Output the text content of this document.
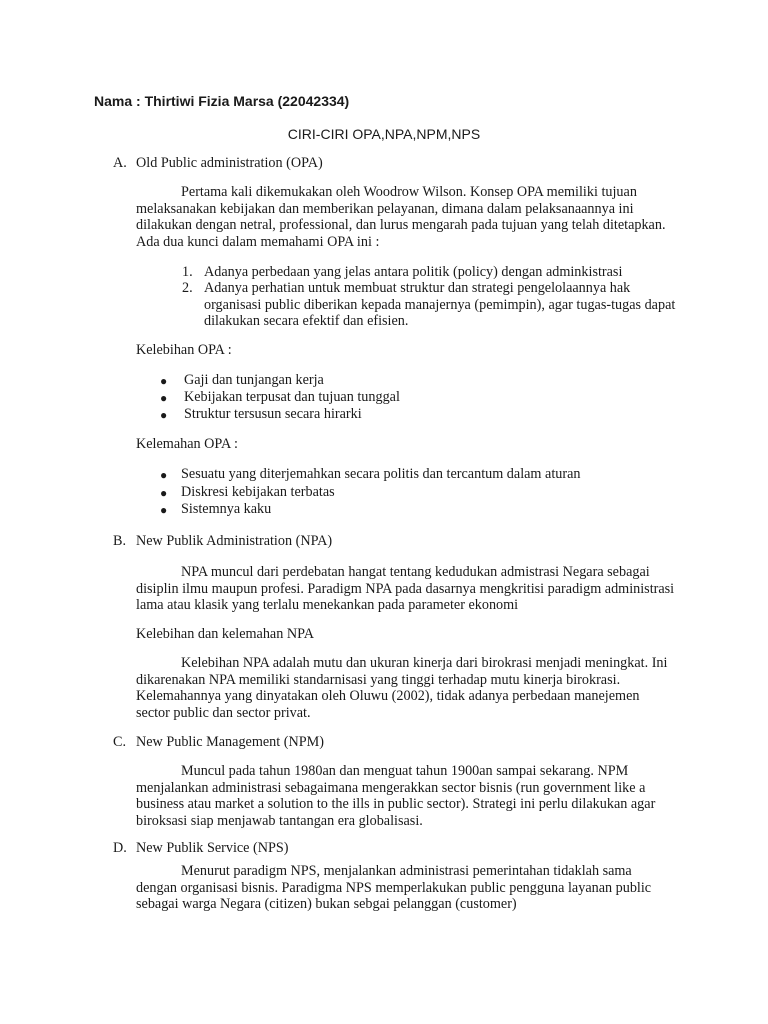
Nama : Thirtiwi Fizia Marsa (22042334)
CIRI-CIRI OPA,NPA,NPM,NPS
A. Old Public administration (OPA)
Pertama kali dikemukakan oleh Woodrow Wilson. Konsep OPA memiliki tujuan melaksanakan kebijakan dan memberikan pelayanan, dimana dalam pelaksanaannya ini dilakukan dengan netral, professional, dan lurus mengarah pada tujuan yang telah ditetapkan. Ada dua kunci dalam memahami OPA ini :
1. Adanya perbedaan yang jelas antara politik (policy) dengan adminkistrasi
2. Adanya perhatian untuk membuat struktur dan strategi pengelolaannya hak organisasi public diberikan kepada manajernya (pemimpin), agar tugas-tugas dapat dilakukan secara efektif dan efisien.
Kelebihan OPA :
● Gaji dan tunjangan kerja
● Kebijakan terpusat dan tujuan tunggal
● Struktur tersusun secara hirarki
Kelemahan OPA :
● Sesuatu yang diterjemahkan secara politis dan tercantum dalam aturan
● Diskresi kebijakan terbatas
● Sistemnya kaku
B. New Publik Administration (NPA)
NPA muncul dari perdebatan hangat tentang kedudukan admistrasi Negara sebagai disiplin ilmu maupun profesi. Paradigm NPA pada dasarnya mengkritisi paradigm administrasi lama atau klasik yang terlalu menekankan pada parameter ekonomi
Kelebihan dan kelemahan NPA
Kelebihan NPA adalah mutu dan ukuran kinerja dari birokrasi menjadi meningkat. Ini dikarenakan NPA memiliki standarnisasi yang tinggi terhadap mutu kinerja birokrasi. Kelemahannya yang dinyatakan oleh Oluwu (2002), tidak adanya perbedaan manejemen sector public dan sector privat.
C. New Public Management (NPM)
Muncul pada tahun 1980an dan menguat tahun 1900an sampai sekarang. NPM menjalankan administrasi sebagaimana mengerakkan sector bisnis (run government like a business atau market a solution to the ills in public sector). Strategi ini perlu dilakukan agar biroksasi siap menjawab tantangan era globalisasi.
D. New Publik Service (NPS)
Menurut paradigm NPS, menjalankan administrasi pemerintahan tidaklah sama dengan organisasi bisnis. Paradigma NPS memperlakukan public pengguna layanan public sebagai warga Negara (citizen) bukan sebgai pelanggan (customer)
